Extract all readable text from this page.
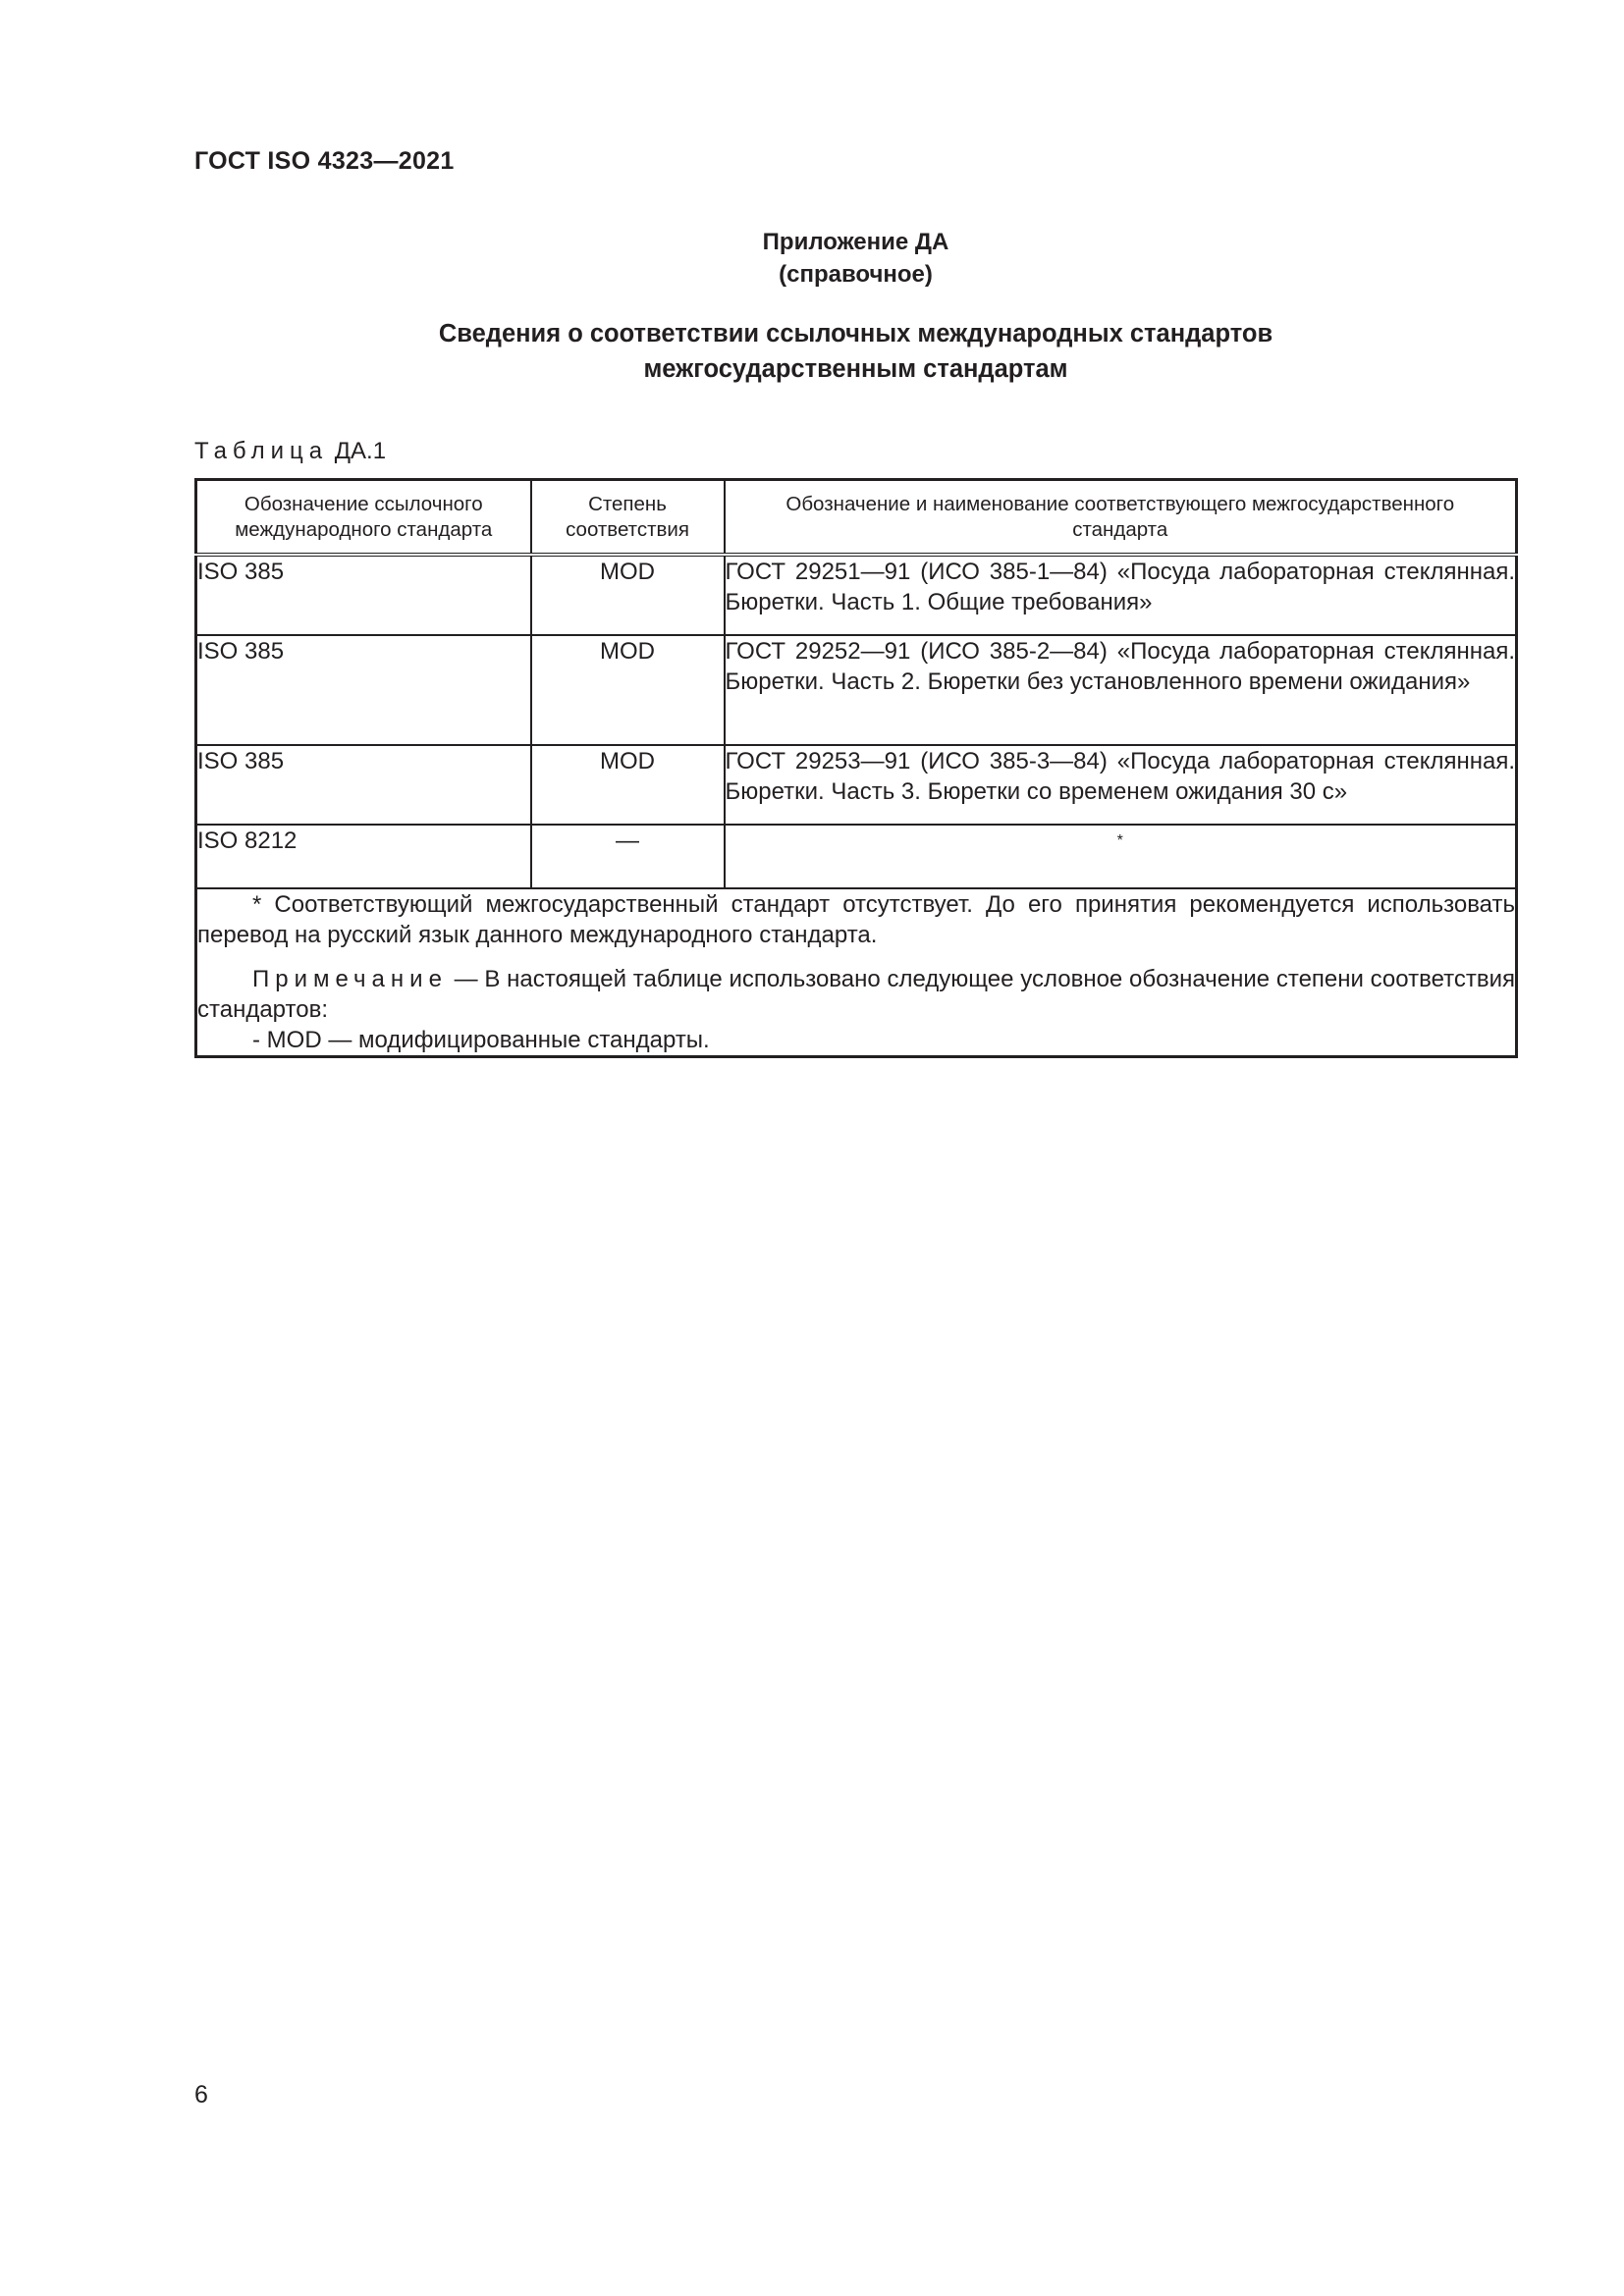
ГОСТ ISO 4323—2021
Приложение ДА
(справочное)
Сведения о соответствии ссылочных международных стандартов
межгосударственным стандартам
Таблица ДА.1
Обозначение ссылочного международного стандарта	Степень соответствия	Обозначение и наименование соответствующего межгосударственного стандарта
ISO 385	MOD	ГОСТ 29251—91 (ИСО 385-1—84) «Посуда лабораторная стеклянная. Бюретки. Часть 1. Общие требования»
ISO 385	MOD	ГОСТ 29252—91 (ИСО 385-2—84) «Посуда лабораторная стеклянная. Бюретки. Часть 2. Бюретки без установленного времени ожидания»
ISO 385	MOD	ГОСТ 29253—91 (ИСО 385-3—84) «Посуда лабораторная стеклянная. Бюретки. Часть 3. Бюретки со временем ожидания 30 с»
ISO 8212	—	*

* Соответствующий межгосударственный стандарт отсутствует. До его принятия рекомендуется использовать перевод на русский язык данного международного стандарта.

Примечание — В настоящей таблице использовано следующее условное обозначение степени соответствия стандартов:

- MOD — модифицированные стандарты.		

6
